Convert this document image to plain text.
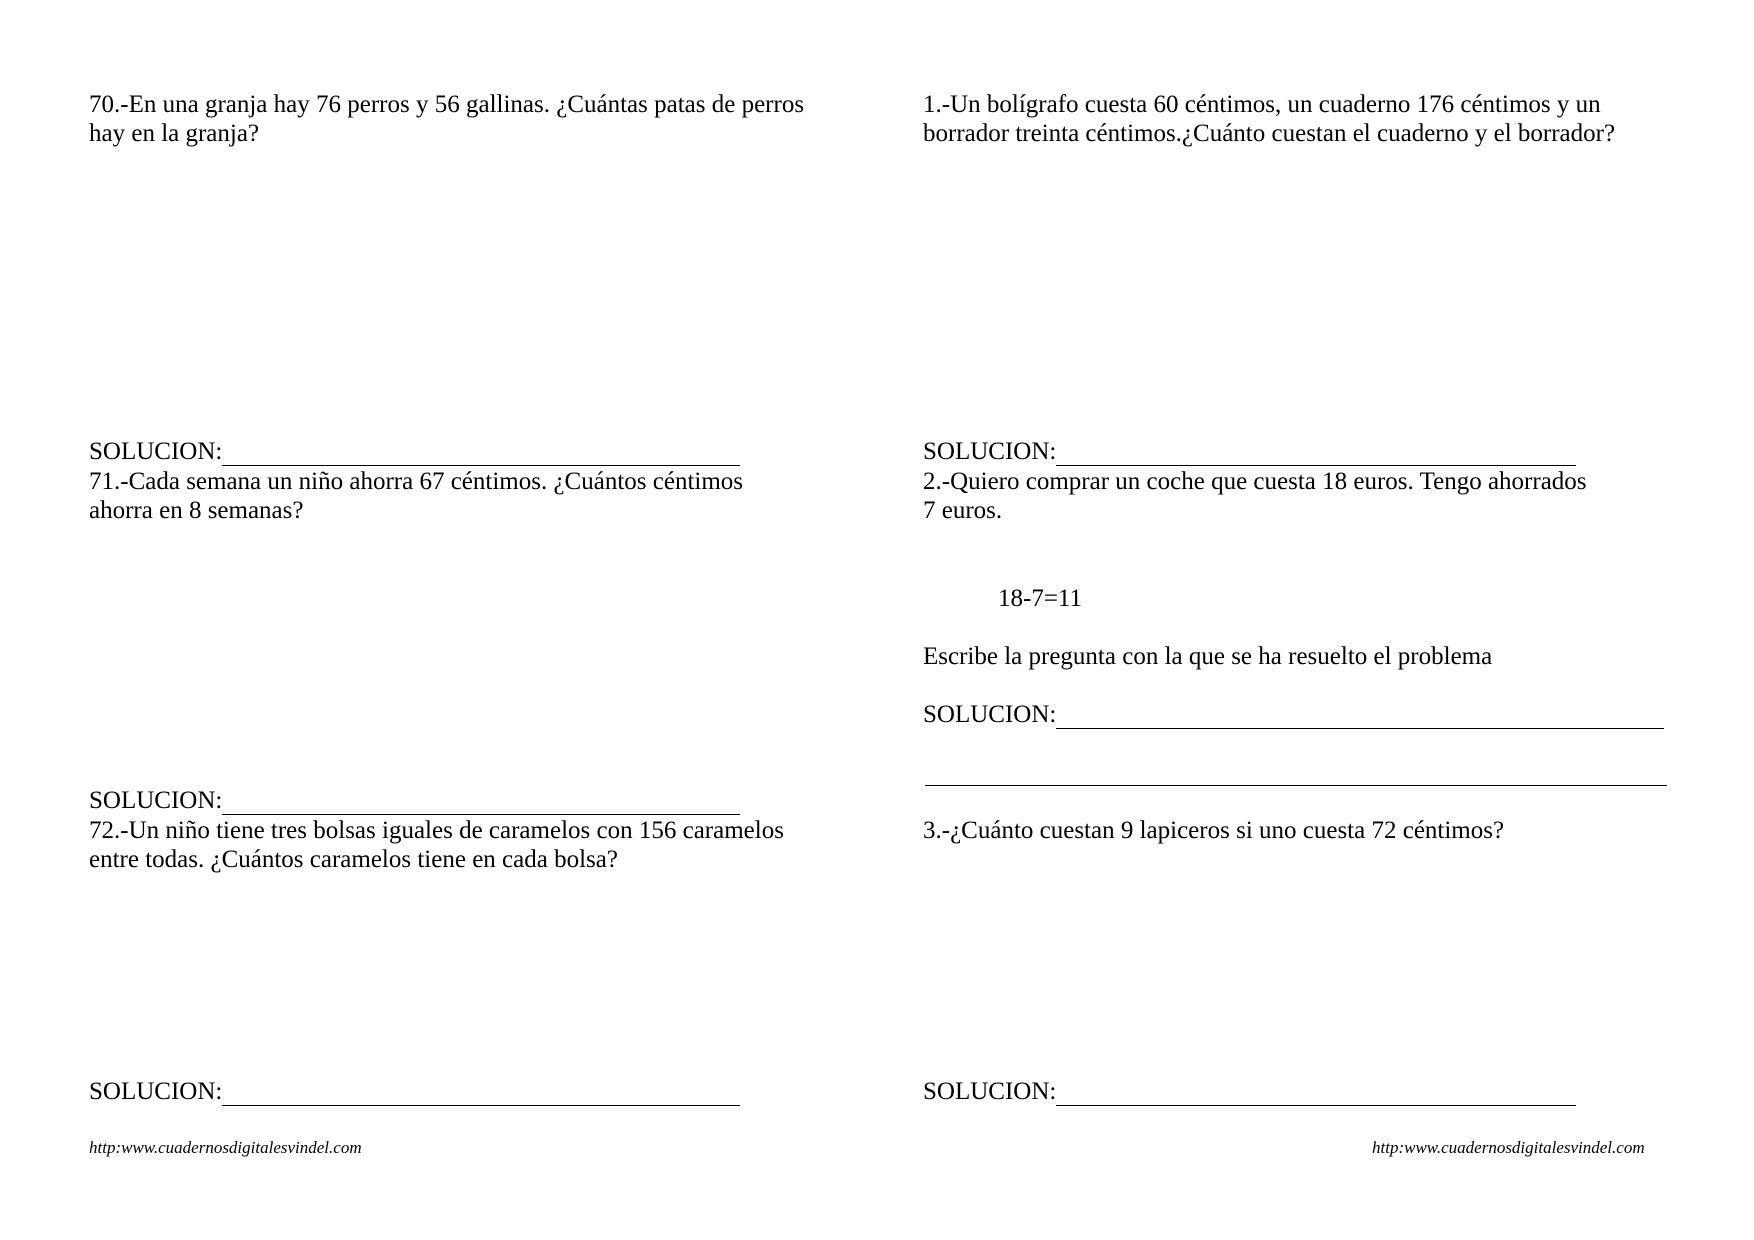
70.-En una granja hay 76 perros y 56 gallinas. ¿Cuántas patas de perros
hay en la granja?
SOLUCION:
71.-Cada semana un niño ahorra 67 céntimos. ¿Cuántos céntimos
ahorra en 8 semanas?
SOLUCION:
72.-Un niño tiene tres bolsas iguales de caramelos con 156 caramelos
entre todas. ¿Cuántos caramelos tiene en cada bolsa?
SOLUCION:
http:www.cuadernosdigitalesvindel.com
1.-Un bolígrafo cuesta 60 céntimos, un cuaderno 176 céntimos y un
borrador treinta céntimos.¿Cuánto cuestan el cuaderno y el borrador?
SOLUCION:
2.-Quiero comprar un coche que cuesta 18 euros. Tengo ahorrados
7 euros.
18-7=11
Escribe la pregunta con la que se ha resuelto el problema
SOLUCION:
3.-¿Cuánto cuestan 9 lapiceros si uno cuesta 72 céntimos?
SOLUCION:
http:www.cuadernosdigitalesvindel.com
